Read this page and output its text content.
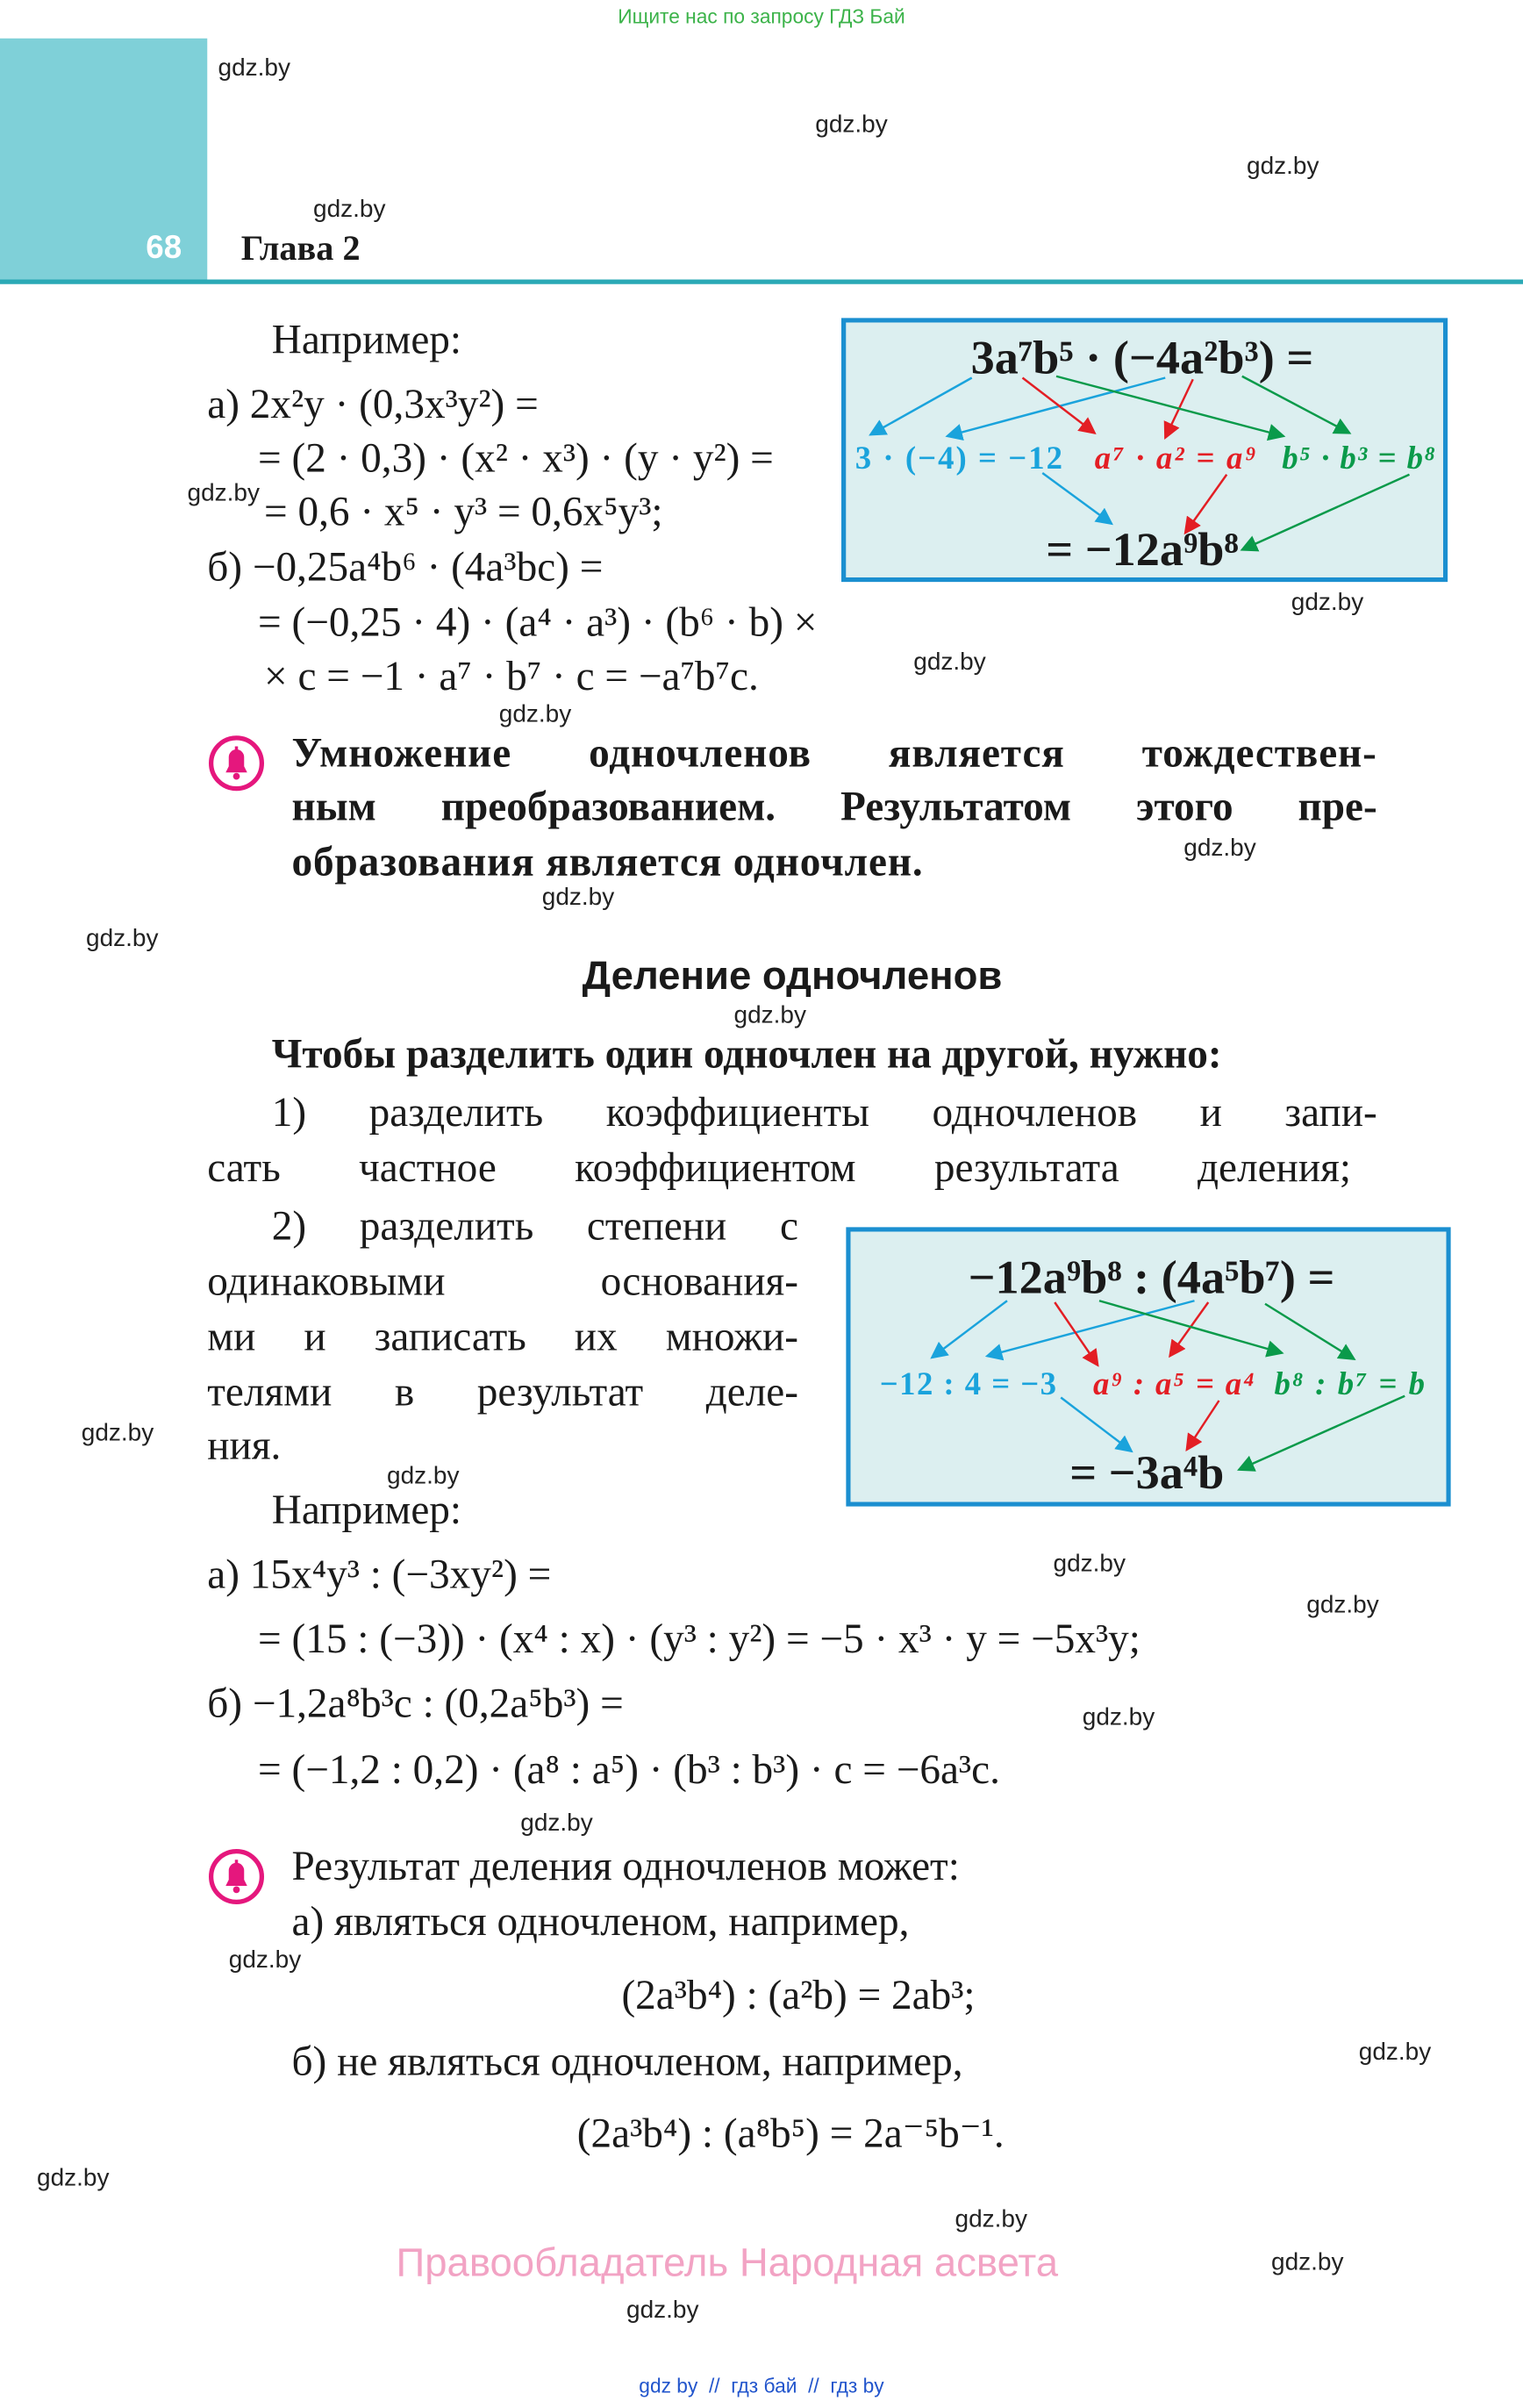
Ищите нас по запросу ГДЗ Бай
68	Глава 2
Например:
а) 2x²y · (0,3x³y²) =
= (2 · 0,3) · (x² · x³) · (y · y²) =
= 0,6 · x⁵ · y³ = 0,6x⁵y³;
б) −0,25a⁴b⁶ · (4a³bc) =
= (−0,25 · 4) · (a⁴ · a³) · (b⁶ · b) ×
× c = −1 · a⁷ · b⁷ · c = −a⁷b⁷c.
Умножение одночленов является тождествен-
ным преобразованием. Результатом этого пре-
образования является одночлен.
3a⁷b⁵ · (−4a²b³) =
3 · (−4) = −12 a⁷ · a² = a⁹ b⁵ · b³ = b⁸
= −12a⁹b⁸
Деление одночленов
Чтобы разделить один одночлен на другой, нужно:
1) разделить коэффициенты одночленов и запи-
сать частное коэффициентом результата деления;
2) разделить степени с
одинаковыми основания-
ми и записать их множи-
телями в результат деле-
ния.
−12a⁹b⁸ : (4a⁵b⁷) =
−12 : 4 = −3 a⁹ : a⁵ = a⁴ b⁸ : b⁷ = b
= −3a⁴b
Например:
а) 15x⁴y³ : (−3xy²) =
= (15 : (−3)) · (x⁴ : x) · (y³ : y²) = −5 · x³ · y = −5x³y;
б) −1,2a⁸b³c : (0,2a⁵b³) =
= (−1,2 : 0,2) · (a⁸ : a⁵) · (b³ : b³) · c = −6a³c.
Результат деления одночленов может:
а) являться одночленом, например,
(2a³b⁴) : (a²b) = 2ab³;
б) не являться одночленом, например,
(2a³b⁴) : (a⁸b⁵) = 2a⁻⁵b⁻¹.
Правообладатель Народная асвета
gdz by  //  гдз бай  //  гдз by
gdz.by
gdz.by
gdz.by
gdz.by
gdz.by
gdz.by
gdz.by
gdz.by
gdz.by
gdz.by
gdz.by
gdz.by
gdz.by
gdz.by
gdz.by
gdz.by
gdz.by
gdz.by
gdz.by
gdz.by
gdz.by
gdz.by
gdz.by
gdz.by
